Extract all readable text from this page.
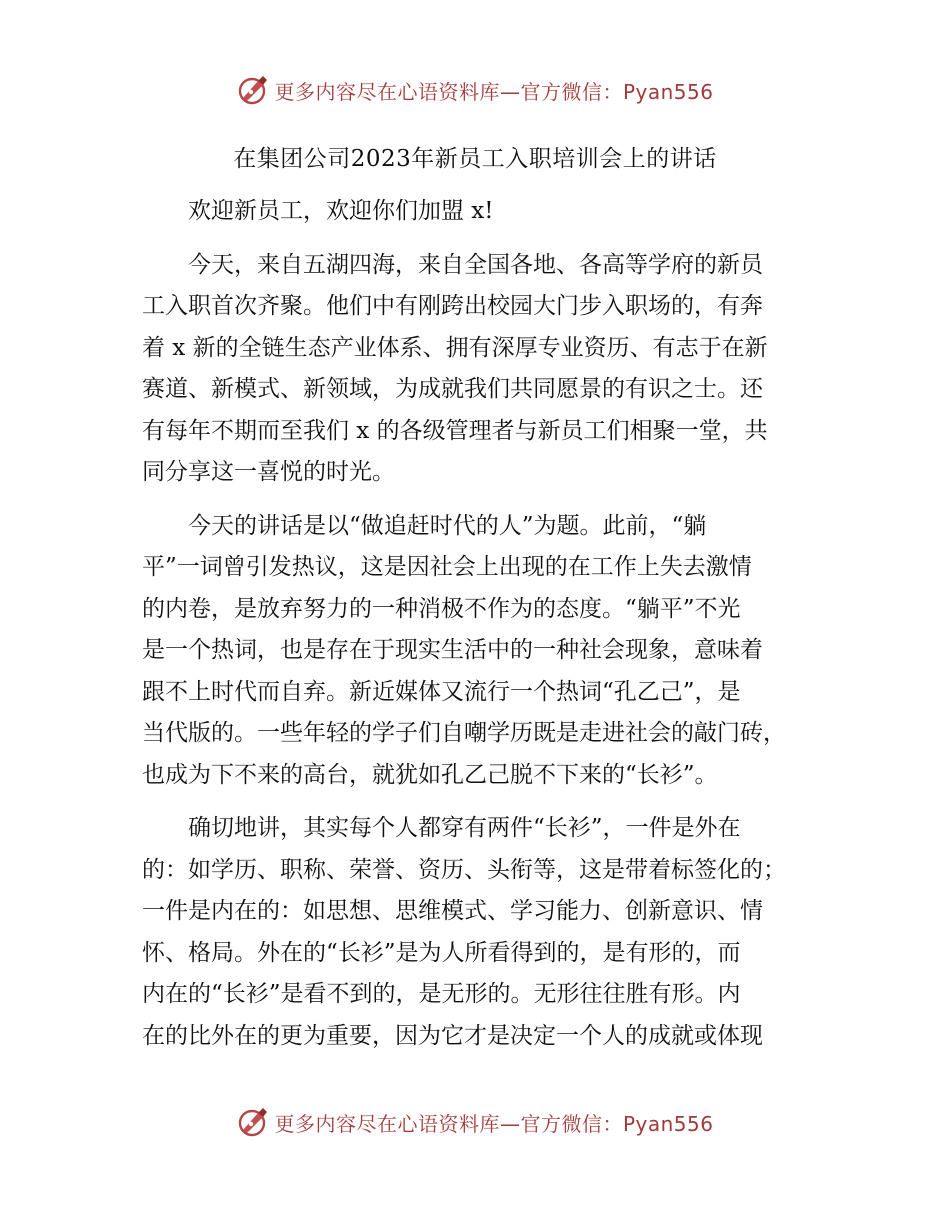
更多内容尽在心语资料库—官方微信：Pyan556
在集团公司2023年新员工入职培训会上的讲话

欢迎新员工，欢迎你们加盟 x!

今天，来自五湖四海，来自全国各地、各高等学府的新员
工入职首次齐聚。他们中有刚跨出校园大门步入职场的，有奔
着 x 新的全链生态产业体系、拥有深厚专业资历、有志于在新
赛道、新模式、新领域，为成就我们共同愿景的有识之士。还
有每年不期而至我们 x 的各级管理者与新员工们相聚一堂，共
同分享这一喜悦的时光。

今天的讲话是以“做追赶时代的人”为题。此前，“躺
平”一词曾引发热议，这是因社会上出现的在工作上失去激情
的内卷，是放弃努力的一种消极不作为的态度。“躺平”不光
是一个热词，也是存在于现实生活中的一种社会现象，意味着
跟不上时代而自弃。新近媒体又流行一个热词“孔乙己”，是
当代版的。一些年轻的学子们自嘲学历既是走进社会的敲门砖，
也成为下不来的高台，就犹如孔乙己脱不下来的“长衫”。

确切地讲，其实每个人都穿有两件“长衫”，一件是外在
的：如学历、职称、荣誉、资历、头衔等，这是带着标签化的；
一件是内在的：如思想、思维模式、学习能力、创新意识、情
怀、格局。外在的“长衫”是为人所看得到的，是有形的，而
内在的“长衫”是看不到的，是无形的。无形往往胜有形。内
在的比外在的更为重要，因为它才是决定一个人的成就或体现

更多内容尽在心语资料库—官方微信：Pyan556
